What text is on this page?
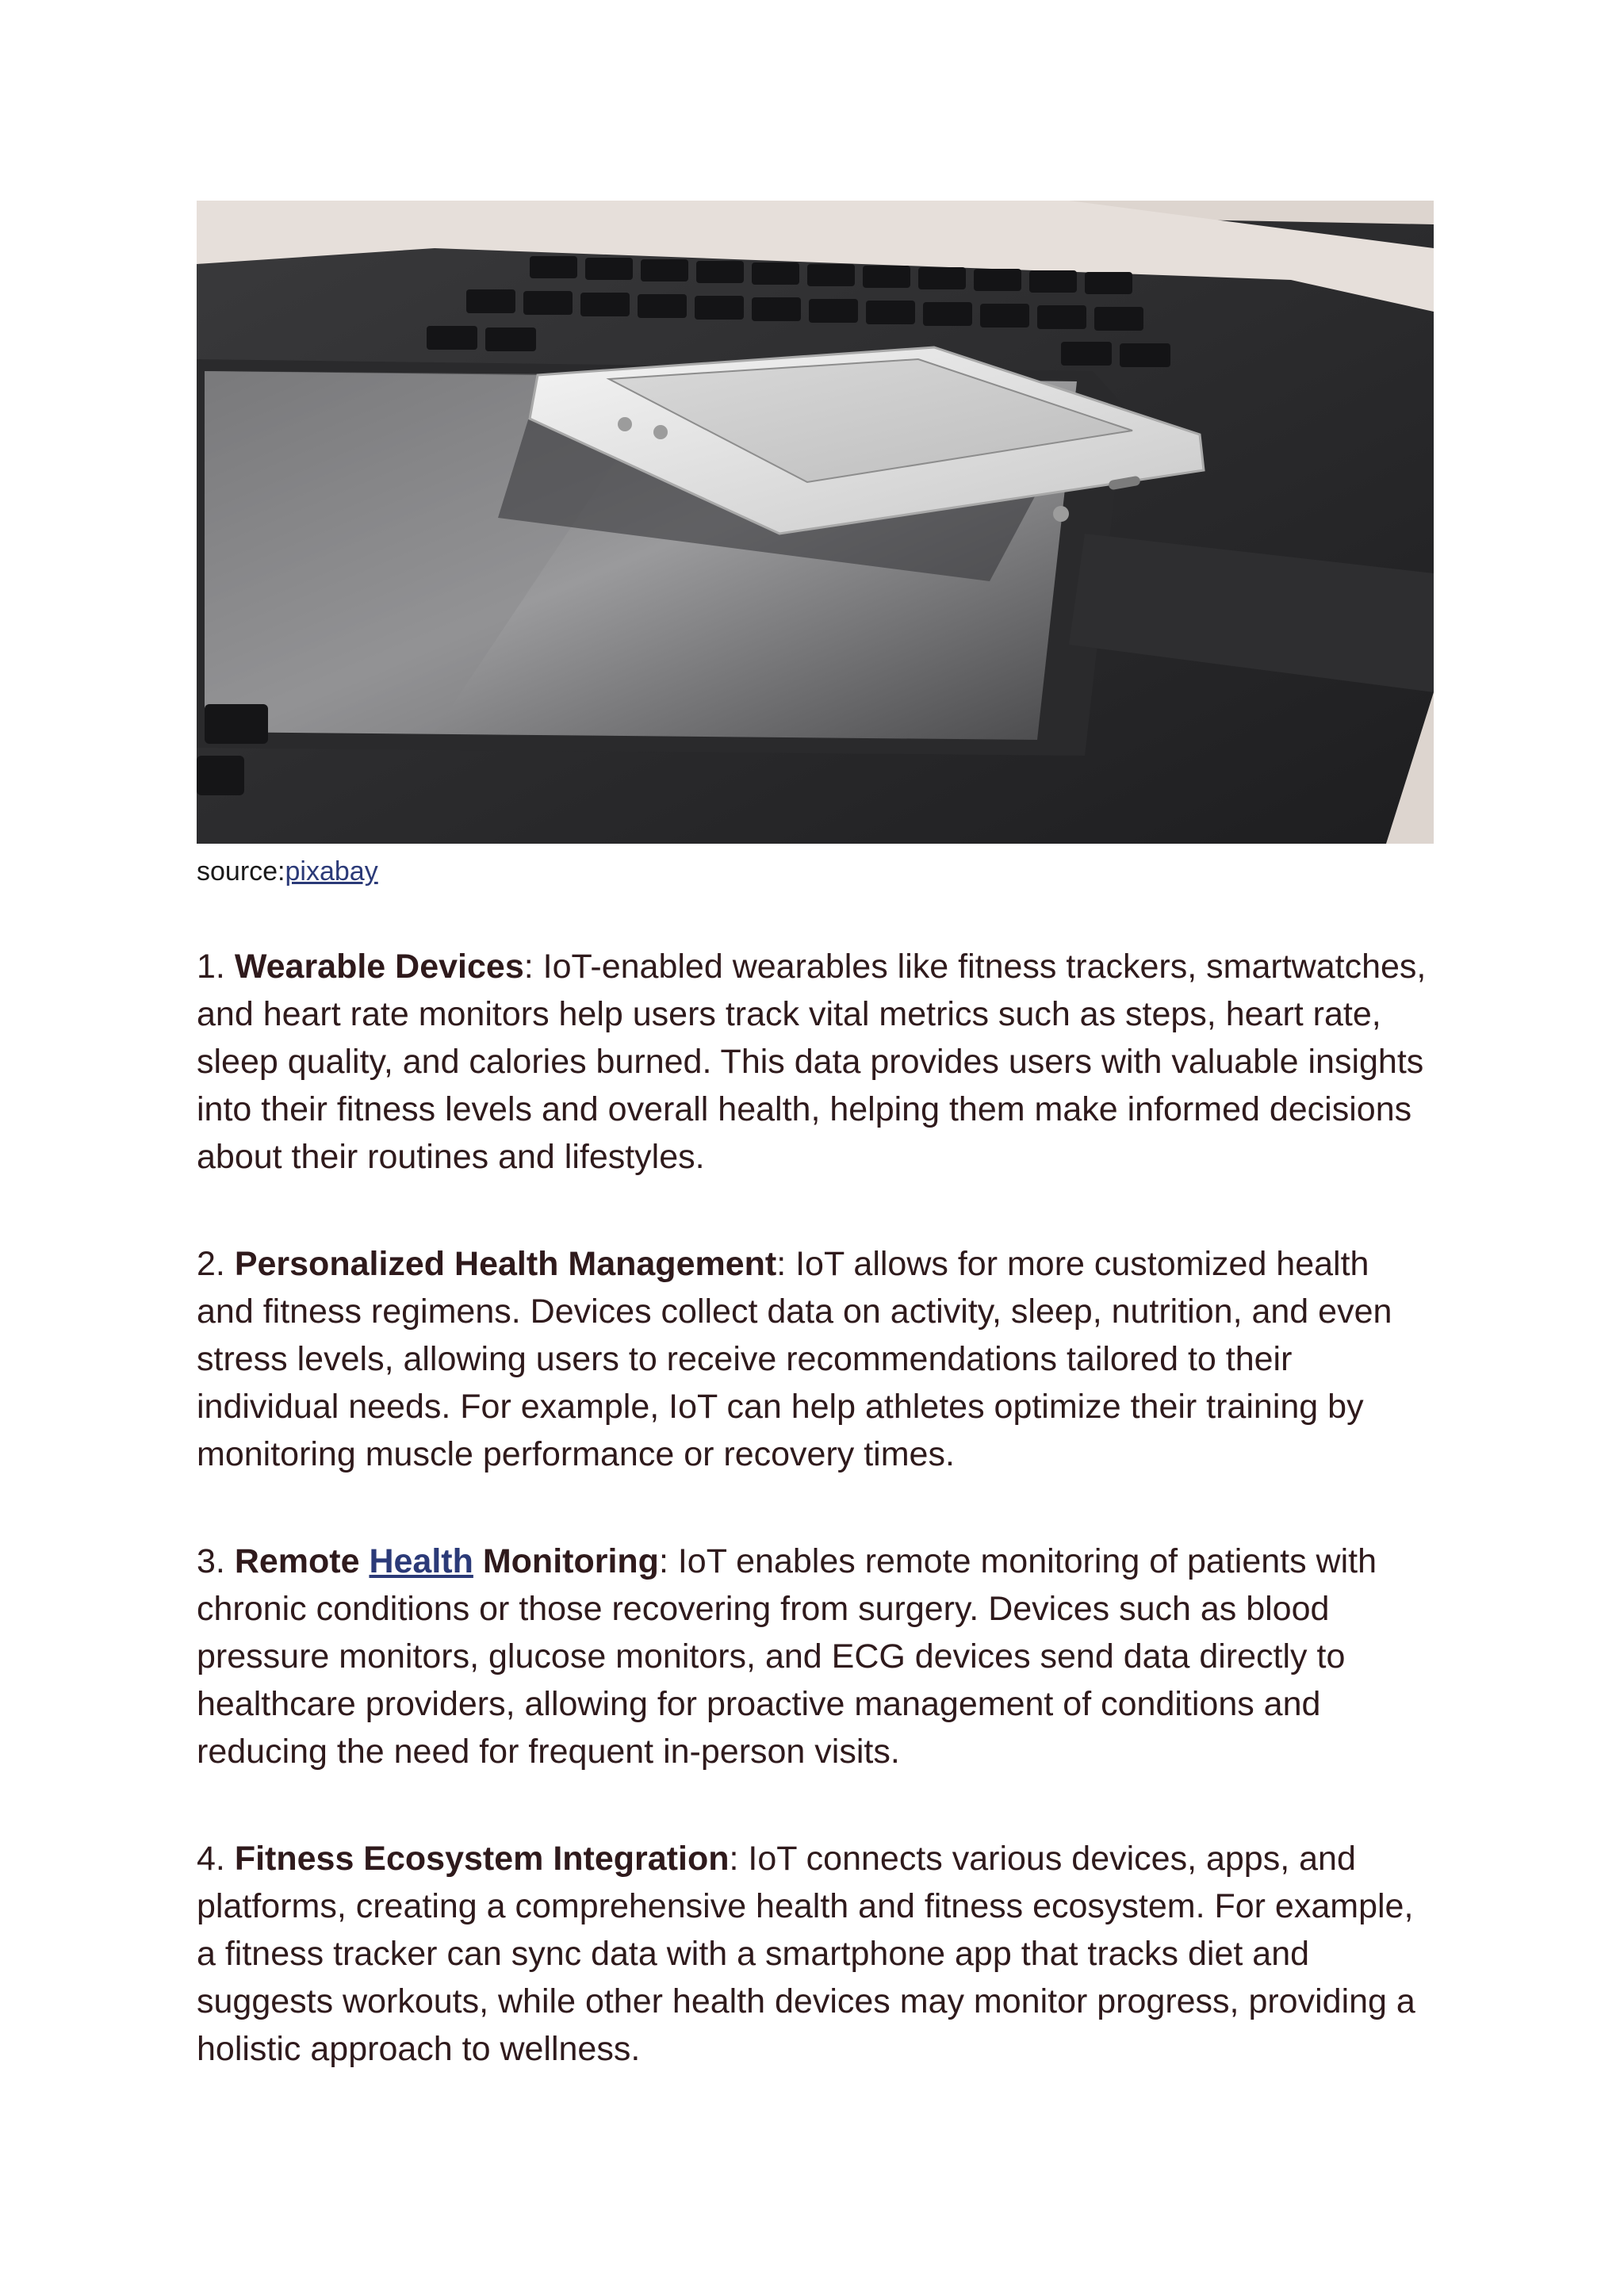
source:pixabay

1. Wearable Devices: IoT-enabled wearables like fitness trackers, smartwatches, and heart rate monitors help users track vital metrics such as steps, heart rate, sleep quality, and calories burned. This data provides users with valuable insights into their fitness levels and overall health, helping them make informed decisions about their routines and lifestyles.

2. Personalized Health Management: IoT allows for more customized health and fitness regimens. Devices collect data on activity, sleep, nutrition, and even stress levels, allowing users to receive recommendations tailored to their individual needs. For example, IoT can help athletes optimize their training by monitoring muscle performance or recovery times.

3. Remote Health Monitoring: IoT enables remote monitoring of patients with chronic conditions or those recovering from surgery. Devices such as blood pressure monitors, glucose monitors, and ECG devices send data directly to healthcare providers, allowing for proactive management of conditions and reducing the need for frequent in-person visits.

4. Fitness Ecosystem Integration: IoT connects various devices, apps, and platforms, creating a comprehensive health and fitness ecosystem. For example, a fitness tracker can sync data with a smartphone app that tracks diet and suggests workouts, while other health devices may monitor progress, providing a holistic approach to wellness.
